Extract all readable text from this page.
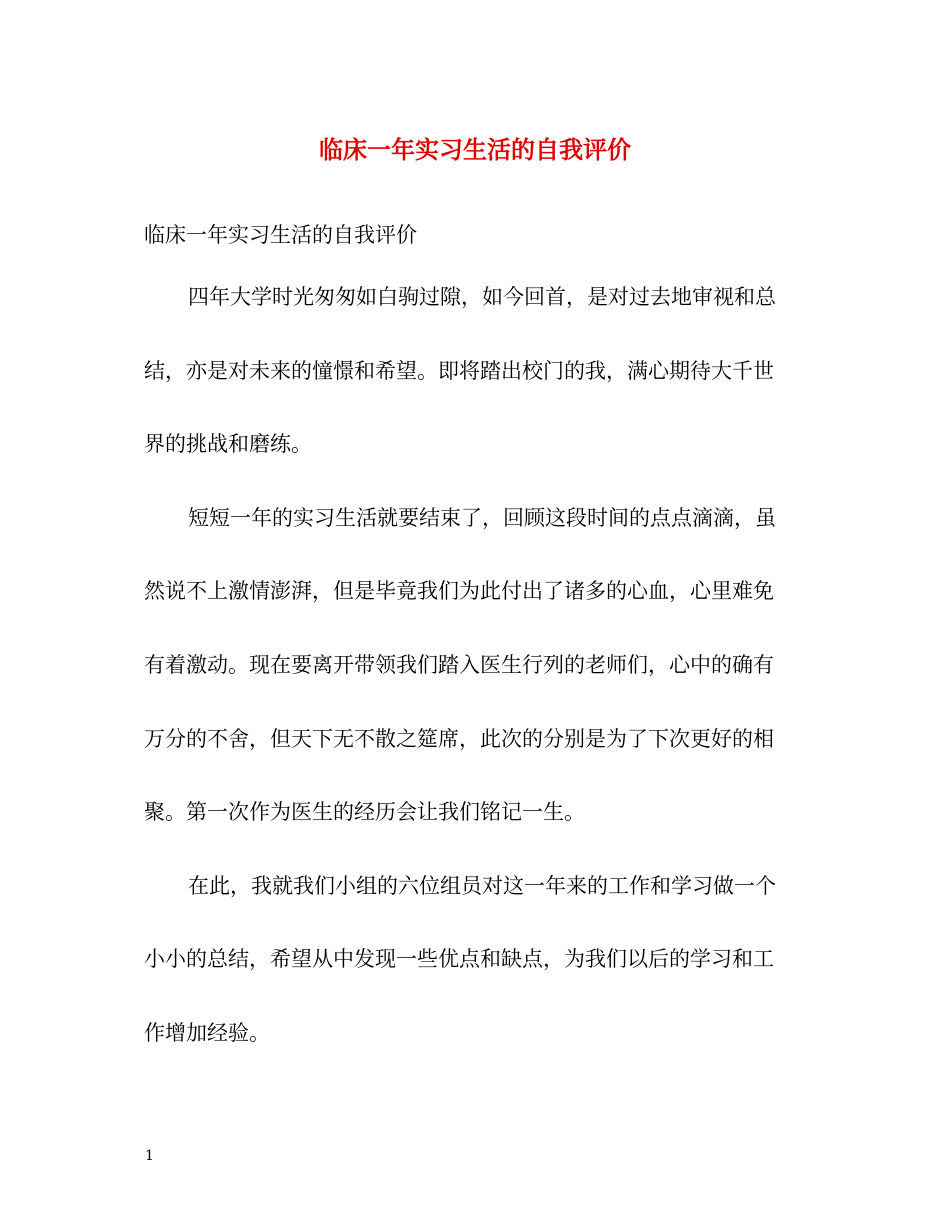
临床一年实习生活的自我评价

临床一年实习生活的自我评价

四年大学时光匆匆如白驹过隙，如今回首，是对过去地审视和总
结，亦是对未来的憧憬和希望。即将踏出校门的我，满心期待大千世
界的挑战和磨练。

短短一年的实习生活就要结束了，回顾这段时间的点点滴滴，虽
然说不上激情澎湃，但是毕竟我们为此付出了诸多的心血，心里难免
有着激动。现在要离开带领我们踏入医生行列的老师们，心中的确有
万分的不舍，但天下无不散之筵席，此次的分别是为了下次更好的相
聚。第一次作为医生的经历会让我们铭记一生。

在此，我就我们小组的六位组员对这一年来的工作和学习做一个
小小的总结，希望从中发现一些优点和缺点，为我们以后的学习和工
作增加经验。

1
